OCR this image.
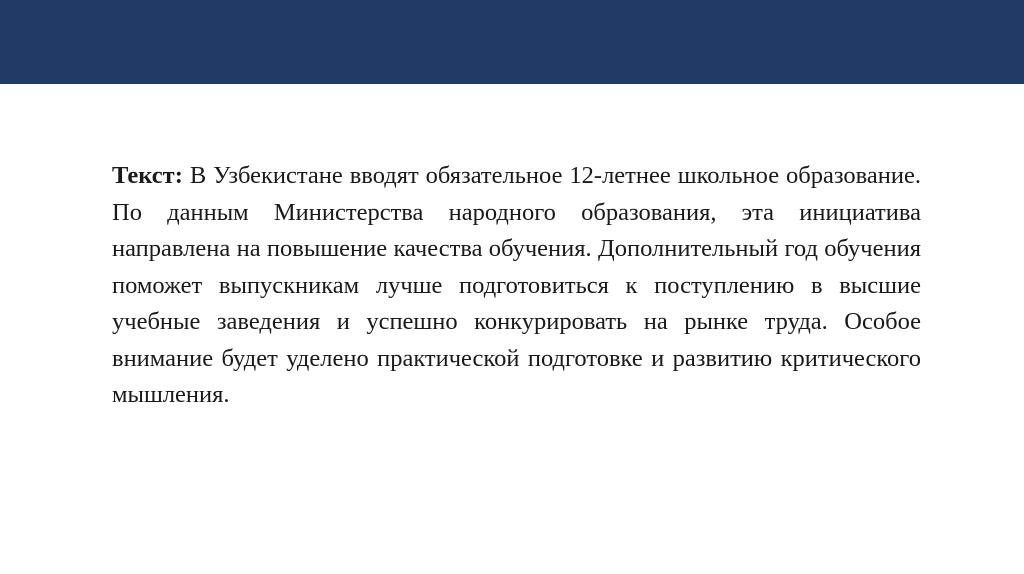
Текст: В Узбекистане вводят обязательное 12-летнее школьное образование. По данным Министерства народного образования, эта инициатива направлена на повышение качества обучения. Дополнительный год обучения поможет выпускникам лучше подготовиться к поступлению в высшие учебные заведения и успешно конкурировать на рынке труда. Особое внимание будет уделено практической подготовке и развитию критического мышления.
